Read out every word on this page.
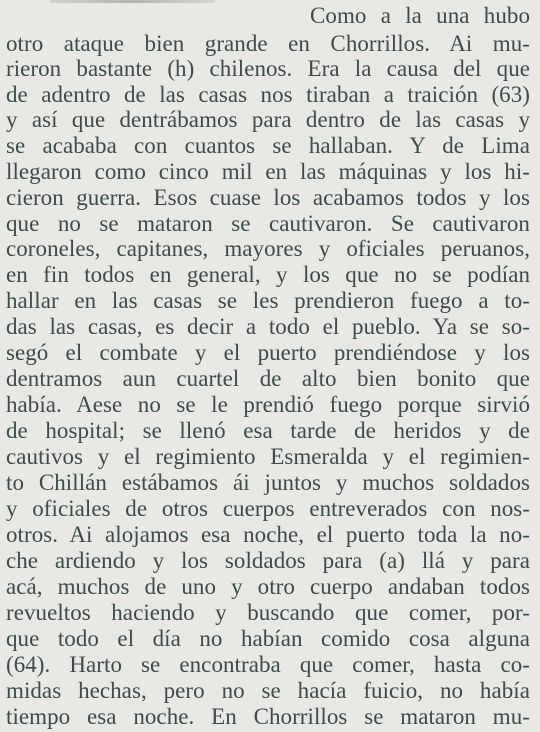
Como a la una hubo
otro ataque bien grande en Chorrillos. Ai mu-
rieron bastante (h) chilenos. Era la causa del que
de adentro de las casas nos tiraban a traición (63)
y así que dentrábamos para dentro de las casas y
se acababa con cuantos se hallaban. Y de Lima
llegaron como cinco mil en las máquinas y los hi-
cieron guerra. Esos cuase los acabamos todos y los
que no se mataron se cautivaron. Se cautivaron
coroneles, capitanes, mayores y oficiales peruanos,
en fin todos en general, y los que no se podían
hallar en las casas se les prendieron fuego a to-
das las casas, es decir a todo el pueblo. Ya se so-
segó el combate y el puerto prendiéndose y los
dentramos aun cuartel de alto bien bonito que
había. Aese no se le prendió fuego porque sirvió
de hospital; se llenó esa tarde de heridos y de
cautivos y el regimiento Esmeralda y el regimien-
to Chillán estábamos ái juntos y muchos soldados
y oficiales de otros cuerpos entreverados con nos-
otros. Ai alojamos esa noche, el puerto toda la no-
che ardiendo y los soldados para (a) llá y para
acá, muchos de uno y otro cuerpo andaban todos
revueltos haciendo y buscando que comer, por-
que todo el día no habían comido cosa alguna
(64). Harto se encontraba que comer, hasta co-
midas hechas, pero no se hacía fuicio, no había
tiempo esa noche. En Chorrillos se mataron mu-
